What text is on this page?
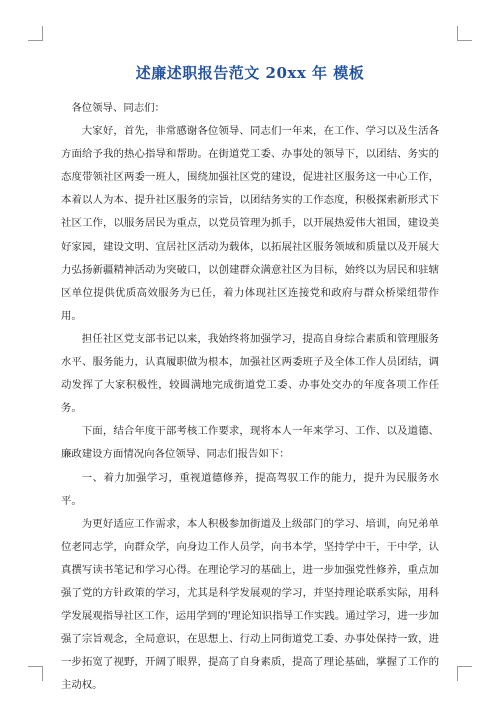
述廉述职报告范文 20xx 年 模板

各位领导、同志们：

大家好，首先，非常感谢各位领导、同志们一年来，在工作、学习以及生活各方面给予我的热心指导和帮助。在街道党工委、办事处的领导下，以团结、务实的态度带领社区两委一班人，围绕加强社区党的建设，促进社区服务这一中心工作，本着以人为本、提升社区服务的宗旨，以团结务实的工作态度，积极探索新形式下社区工作，以服务居民为重点，以党员管理为抓手，以开展热爱伟大祖国，建设美好家园，建设文明、宜居社区活动为载体，以拓展社区服务领域和质量以及开展大力弘扬新疆精神活动为突破口，以创建群众满意社区为目标，始终以为居民和驻辖区单位提供优质高效服务为已任，着力体现社区连接党和政府与群众桥梁纽带作用。

担任社区党支部书记以来，我始终将加强学习，提高自身综合素质和管理服务水平、服务能力，认真履职做为根本，加强社区两委班子及全体工作人员团结，调动发挥了大家积极性，较圆满地完成街道党工委、办事处交办的年度各项工作任务。

下面，结合年度干部考核工作要求，现将本人一年来学习、工作、以及道德、廉政建设方面情况向各位领导、同志们报告如下：

一、着力加强学习，重视道德修养，提高驾驭工作的能力，提升为民服务水平。

为更好适应工作需求，本人积极参加街道及上级部门的学习、培训，向兄弟单位老同志学，向群众学，向身边工作人员学，向书本学，坚持学中干，干中学，认真撰写读书笔记和学习心得。在理论学习的基础上，进一步加强党性修养，重点加强了党的方针政策的学习，尤其是科学发展观的学习，并坚持理论联系实际，用科学发展观指导社区工作，运用学到的'理论知识指导工作实践。通过学习，进一步加强了宗旨观念，全局意识，在思想上、行动上同街道党工委、办事处保持一致，进一步拓宽了视野，开阔了眼界，提高了自身素质，提高了理论基础，掌握了工作的主动权。
